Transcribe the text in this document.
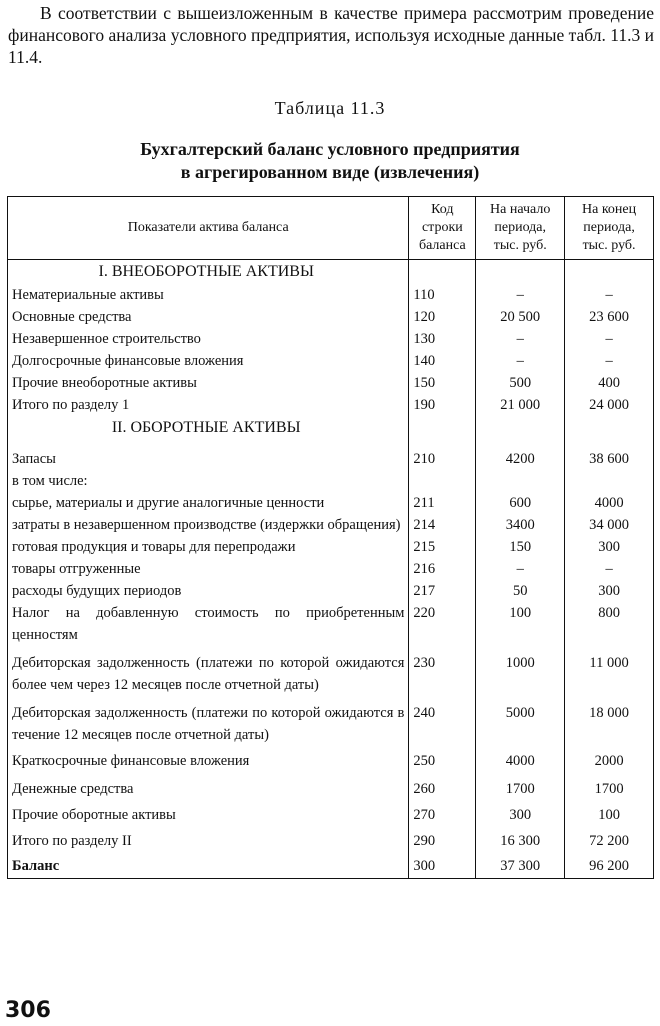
В соответствии с вышеизложенным в качестве примера рассмотрим проведение финансового анализа условного предприятия, используя исходные данные табл. 11.3 и 11.4.
Таблица 11.3
Бухгалтерский баланс условного предприятия
в агрегированном виде (извлечения)
Показатели актива баланса	Код строки баланса	На начало периода, тыс. руб.	На конец периода, тыс. руб.
I. ВНЕОБОРОТНЫЕ АКТИВЫ			
Нематериальные активы	110	–	–
Основные средства	120	20 500	23 600
Незавершенное строительство	130	–	–
Долгосрочные финансовые вложения	140	–	–
Прочие внеоборотные активы	150	500	400
Итого по разделу 1	190	21 000	24 000
II. ОБОРОТНЫЕ АКТИВЫ			
Запасы	210	4200	38 600
в том числе:			
сырье, материалы и другие аналогичные ценности	211	600	4000
затраты в незавершенном производстве (издержки обращения)	214	3400	34 000
готовая продукция и товары для перепродажи	215	150	300
товары отгруженные	216	–	–
расходы будущих периодов	217	50	300
Налог на добавленную стоимость по приобретенным ценностям	220	100	800
Дебиторская задолженность (платежи по которой ожидаются более чем через 12 месяцев после отчетной даты)	230	1000	11 000
Дебиторская задолженность (платежи по которой ожидаются в течение 12 месяцев после отчетной даты)	240	5000	18 000
Краткосрочные финансовые вложения	250	4000	2000
Денежные средства	260	1700	1700
Прочие оборотные активы	270	300	100
Итого по разделу II	290	16 300	72 200
Баланс	300	37 300	96 200
306
